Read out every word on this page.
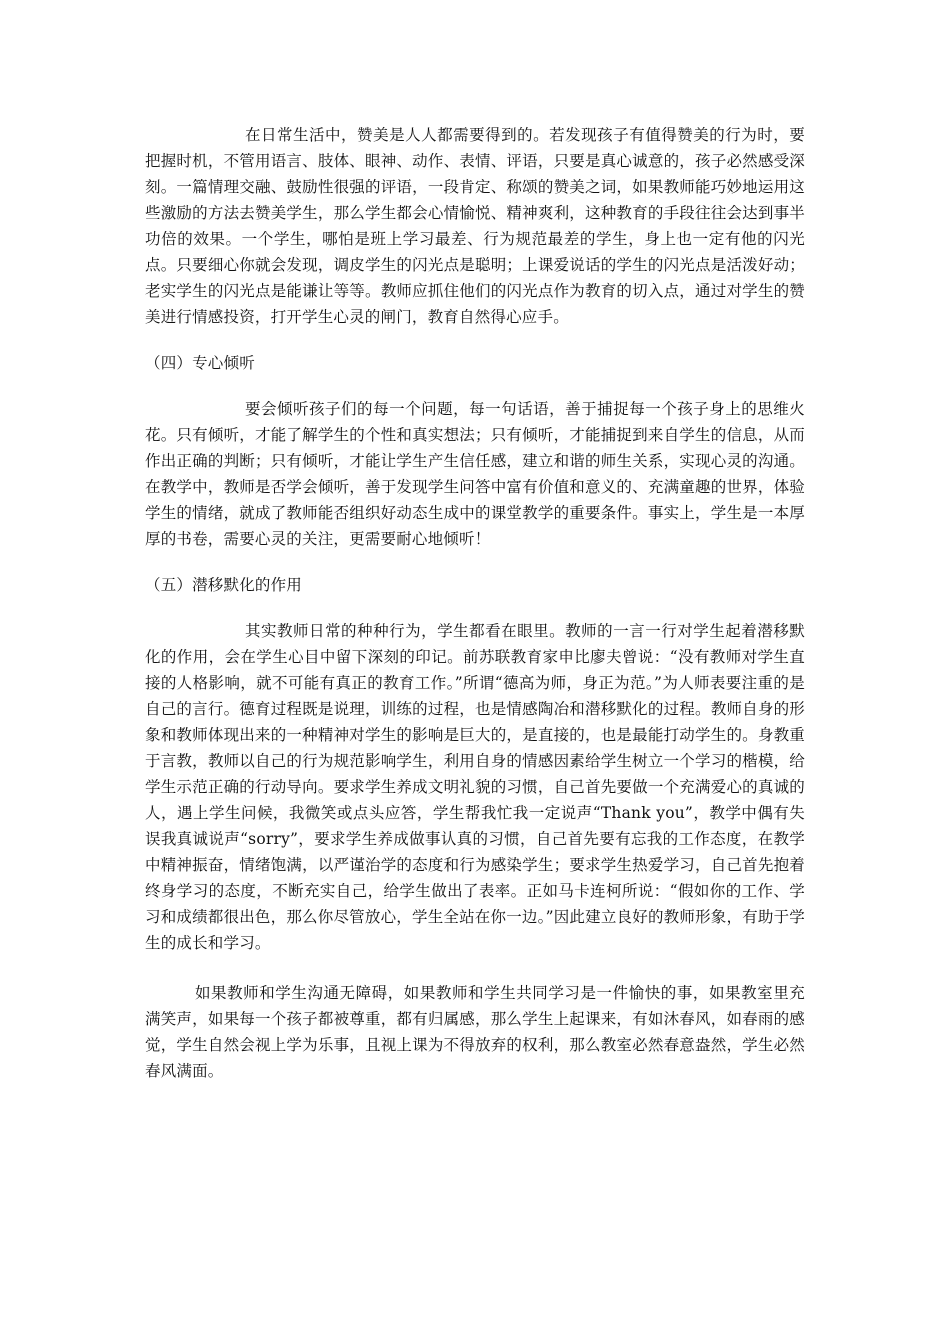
在日常生活中，赞美是人人都需要得到的。若发现孩子有值得赞美的行为时，要把握时机，不管用语言、肢体、眼神、动作、表情、评语，只要是真心诚意的，孩子必然感受深刻。一篇情理交融、鼓励性很强的评语，一段肯定、称颂的赞美之词，如果教师能巧妙地运用这些激励的方法去赞美学生，那么学生都会心情愉悦、精神爽利，这种教育的手段往往会达到事半功倍的效果。一个学生，哪怕是班上学习最差、行为规范最差的学生，身上也一定有他的闪光点。只要细心你就会发现，调皮学生的闪光点是聪明；上课爱说话的学生的闪光点是活泼好动；老实学生的闪光点是能谦让等等。教师应抓住他们的闪光点作为教育的切入点，通过对学生的赞美进行情感投资，打开学生心灵的闸门，教育自然得心应手。

（四）专心倾听

要会倾听孩子们的每一个问题，每一句话语，善于捕捉每一个孩子身上的思维火花。只有倾听，才能了解学生的个性和真实想法；只有倾听，才能捕捉到来自学生的信息，从而作出正确的判断；只有倾听，才能让学生产生信任感，建立和谐的师生关系，实现心灵的沟通。在教学中，教师是否学会倾听，善于发现学生问答中富有价值和意义的、充满童趣的世界，体验学生的情绪，就成了教师能否组织好动态生成中的课堂教学的重要条件。事实上，学生是一本厚厚的书卷，需要心灵的关注，更需要耐心地倾听！

（五）潜移默化的作用

其实教师日常的种种行为，学生都看在眼里。教师的一言一行对学生起着潜移默化的作用，会在学生心目中留下深刻的印记。前苏联教育家申比廖夫曾说：“没有教师对学生直接的人格影响，就不可能有真正的教育工作。”所谓“德高为师，身正为范。”为人师表要注重的是自己的言行。德育过程既是说理，训练的过程，也是情感陶冶和潜移默化的过程。教师自身的形象和教师体现出来的一种精神对学生的影响是巨大的，是直接的，也是最能打动学生的。身教重于言教，教师以自己的行为规范影响学生，利用自身的情感因素给学生树立一个学习的楷模，给学生示范正确的行动导向。要求学生养成文明礼貌的习惯，自己首先要做一个充满爱心的真诚的人，遇上学生问候，我微笑或点头应答，学生帮我忙我一定说声“Thank you”，教学中偶有失误我真诚说声“sorry”，要求学生养成做事认真的习惯，自己首先要有忘我的工作态度，在教学中精神振奋，情绪饱满，以严谨治学的态度和行为感染学生；要求学生热爱学习，自己首先抱着终身学习的态度，不断充实自己，给学生做出了表率。正如马卡连柯所说：“假如你的工作、学习和成绩都很出色，那么你尽管放心，学生全站在你一边。”因此建立良好的教师形象，有助于学生的成长和学习。

如果教师和学生沟通无障碍，如果教师和学生共同学习是一件愉快的事，如果教室里充满笑声，如果每一个孩子都被尊重，都有归属感，那么学生上起课来，有如沐春风，如春雨的感觉，学生自然会视上学为乐事，且视上课为不得放弃的权利，那么教室必然春意盎然，学生必然春风满面。
